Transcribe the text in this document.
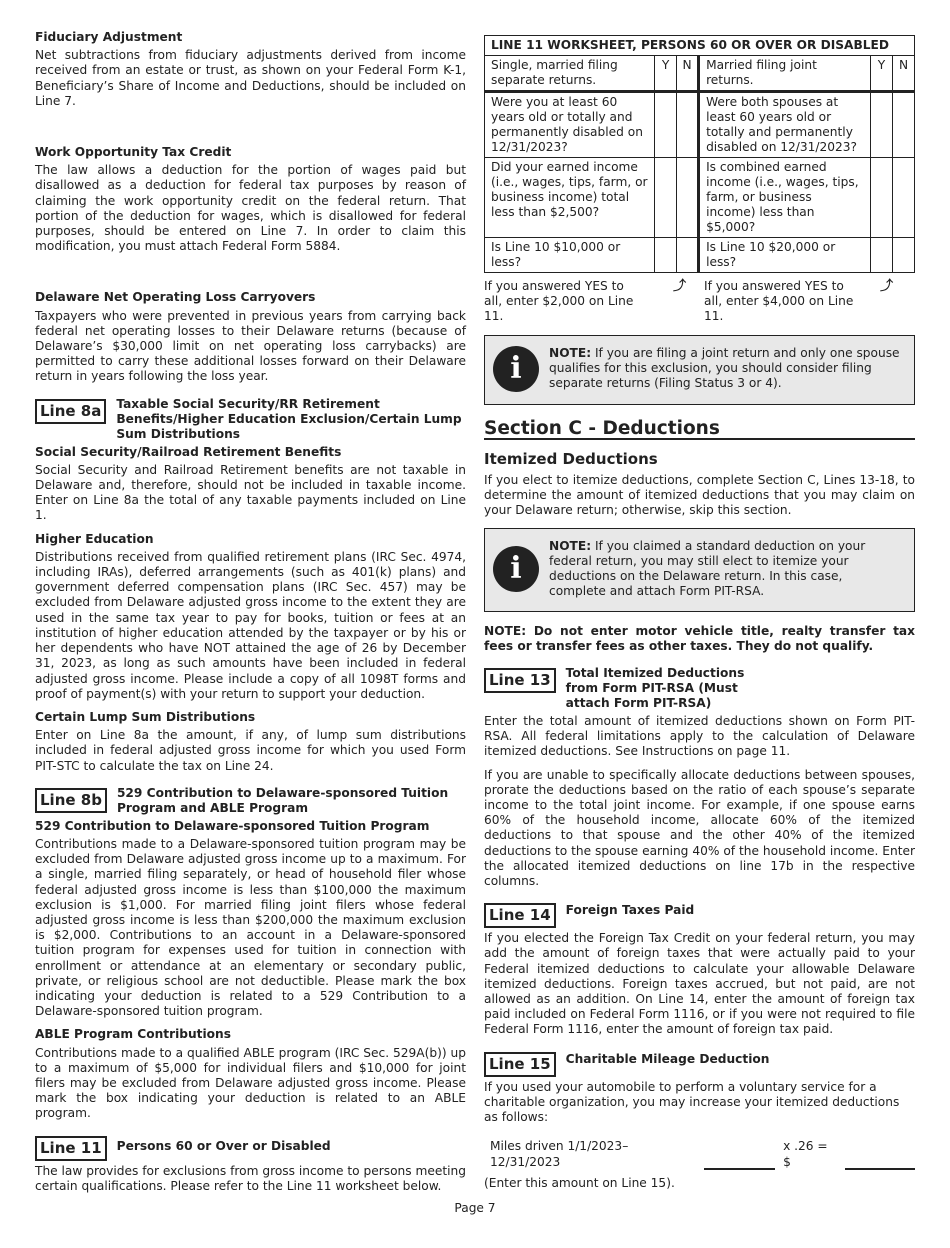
Fiduciary Adjustment

Net subtractions from fiduciary adjustments derived from income received from an estate or trust, as shown on your Federal Form K-1, Beneficiary’s Share of Income and Deductions, should be included on Line 7.

Work Opportunity Tax Credit

The law allows a deduction for the portion of wages paid but disallowed as a deduction for federal tax purposes by reason of claiming the work opportunity credit on the federal return. That portion of the deduction for wages, which is disallowed for federal purposes, should be entered on Line 7. In order to claim this modification, you must attach Federal Form 5884.

Delaware Net Operating Loss Carryovers

Taxpayers who were prevented in previous years from carrying back federal net operating losses to their Delaware returns (because of Delaware’s $30,000 limit on net operating loss carrybacks) are permitted to carry these additional losses forward on their Delaware return in years following the loss year.

Line 8a	Taxable Social Security/RR Retirement Benefits/Higher Education Exclusion/Certain Lump Sum Distributions
Social Security/Railroad Retirement Benefits

Social Security and Railroad Retirement benefits are not taxable in Delaware and, therefore, should not be included in taxable income. Enter on Line 8a the total of any taxable payments included on Line 1.

Higher Education

Distributions received from qualified retirement plans (IRC Sec. 4974, including IRAs), deferred arrangements (such as 401(k) plans) and government deferred compensation plans (IRC Sec. 457) may be excluded from Delaware adjusted gross income to the extent they are used in the same tax year to pay for books, tuition or fees at an institution of higher education attended by the taxpayer or by his or her dependents who have NOT attained the age of 26 by December 31, 2023, as long as such amounts have been included in federal adjusted gross income. Please include a copy of all 1098T forms and proof of payment(s) with your return to support your deduction.

Certain Lump Sum Distributions

Enter on Line 8a the amount, if any, of lump sum distributions included in federal adjusted gross income for which you used Form PIT-STC to calculate the tax on Line 24.

Line 8b	529 Contribution to Delaware-sponsored Tuition Program and ABLE Program
529 Contribution to Delaware-sponsored Tuition Program

Contributions made to a Delaware-sponsored tuition program may be excluded from Delaware adjusted gross income up to a maximum. For a single, married filing separately, or head of household filer whose federal adjusted gross income is less than $100,000 the maximum exclusion is $1,000. For married filing joint filers whose federal adjusted gross income is less than $200,000 the maximum exclusion is $2,000. Contributions to an account in a Delaware-sponsored tuition program for expenses used for tuition in connection with enrollment or attendance at an elementary or secondary public, private, or religious school are not deductible. Please mark the box indicating your deduction is related to a 529 Contribution to a Delaware-sponsored tuition program.

ABLE Program Contributions

Contributions made to a qualified ABLE program (IRC Sec. 529A(b)) up to a maximum of $5,000 for individual filers and $10,000 for joint filers may be excluded from Delaware adjusted gross income. Please mark the box indicating your deduction is related to an ABLE program.

Line 11	Persons 60 or Over or Disabled

The law provides for exclusions from gross income to persons meeting certain qualifications. Please refer to the Line 11 worksheet below.

LINE 11 WORKSHEET, PERSONS 60 OR OVER OR DISABLED					
Single, married filing separate returns.	Y	N	Married filing joint returns.	Y	N
Were you at least 60 years old or totally and permanently disabled on 12/31/2023?			Were both spouses at least 60 years old or totally and permanently disabled on 12/31/2023?		
Did your earned income (i.e., wages, tips, farm, or business income) total less than $2,500?			Is combined earned income (i.e., wages, tips, farm, or business income) less than $5,000?		
Is Line 10 $10,000 or less?			Is Line 10 $20,000 or less?		
If you answered YES to all, enter $2,000 on Line 11.
⤴ If you answered YES to all, enter $4,000 on Line 11.
⤴
i	NOTE: If you are filing a joint return and only one spouse qualifies for this exclusion, you should consider filing separate returns (Filing Status 3 or 4).
Section C - Deductions
Itemized Deductions

If you elect to itemize deductions, complete Section C, Lines 13-18, to determine the amount of itemized deductions that you may claim on your Delaware return; otherwise, skip this section.

i
NOTE: If you claimed a standard deduction on your federal return, you may still elect to itemize your deductions on the Delaware return. In this case, complete and attach Form PIT-RSA.

NOTE: Do not enter motor vehicle title, realty transfer tax fees or transfer fees as other taxes. They do not qualify.

Line 13	Total Itemized Deductions from Form PIT-RSA (Must attach Form PIT-RSA)

Enter the total amount of itemized deductions shown on Form PIT-RSA. All federal limitations apply to the calculation of Delaware itemized deductions. See Instructions on page 11.

If you are unable to specifically allocate deductions between spouses, prorate the deductions based on the ratio of each spouse’s separate income to the total joint income. For example, if one spouse earns 60% of the household income, allocate 60% of the itemized deductions to that spouse and the other 40% of the itemized deductions to the spouse earning 40% of the household income. Enter the allocated itemized deductions on line 17b in the respective columns.

Line 14	Foreign Taxes Paid

If you elected the Foreign Tax Credit on your federal return, you may add the amount of foreign taxes that were actually paid to your Federal itemized deductions to calculate your allowable Delaware itemized deductions. Foreign taxes accrued, but not paid, are not allowed as an addition. On Line 14, enter the amount of foreign tax paid included on Federal Form 1116, or if you were not required to file Federal Form 1116, enter the amount of foreign tax paid.

Line 15	Charitable Mileage Deduction

If you used your automobile to perform a voluntary service for a charitable organization, you may increase your itemized deductions as follows:

Miles driven 1/1/2023–12/31/2023
x .26 = $

(Enter this amount on Line 15).

Page 7
